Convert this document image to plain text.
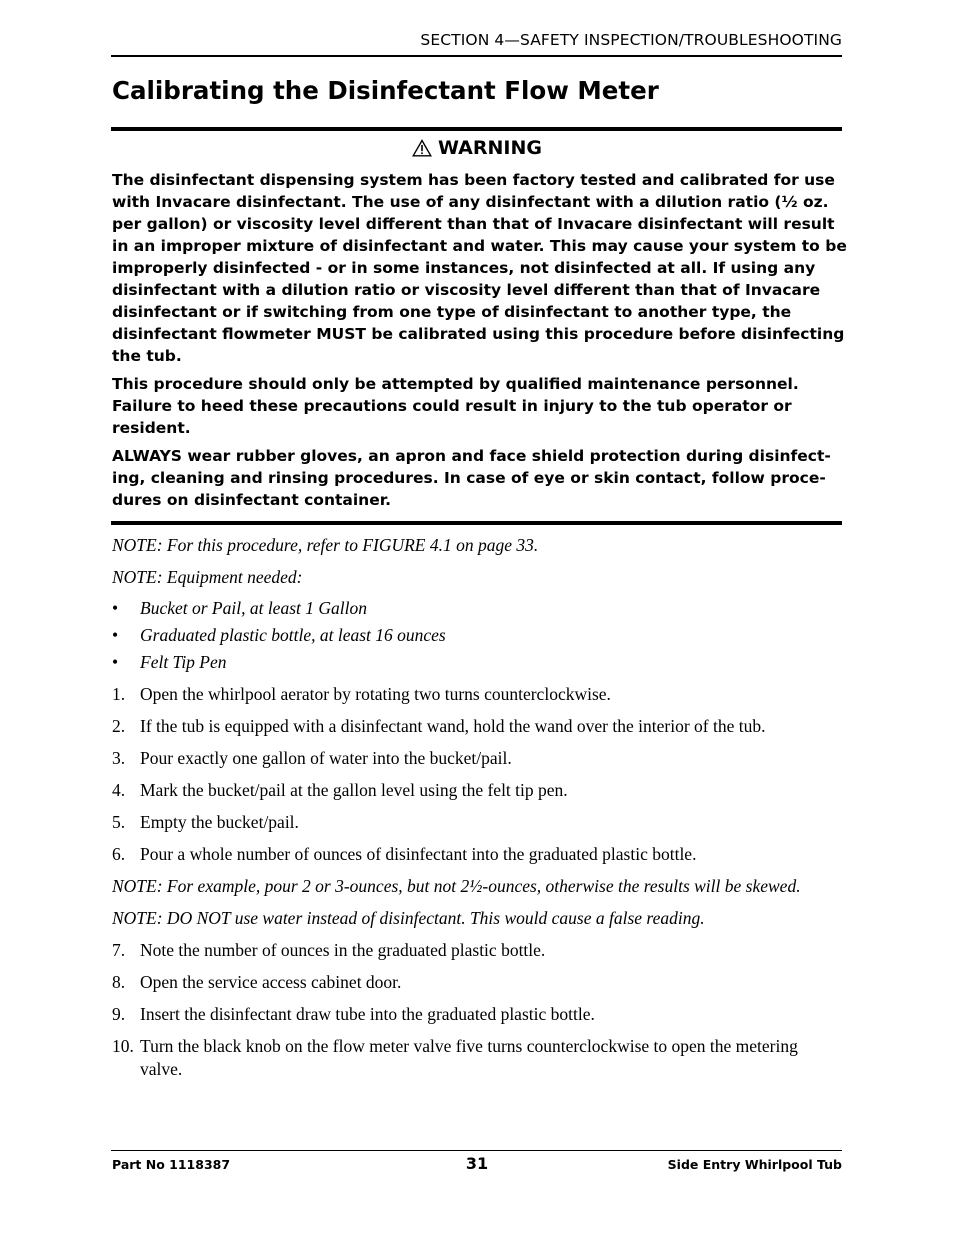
SECTION 4—SAFETY INSPECTION/TROUBLESHOOTING
Calibrating the Disinfectant Flow Meter
WARNING

The disinfectant dispensing system has been factory tested and calibrated for use with Invacare disinfectant. The use of any disinfectant with a dilution ratio (½ oz. per gallon) or viscosity level different than that of Invacare disinfectant will result in an improper mixture of disinfectant and water. This may cause your system to be improperly disinfected - or in some instances, not disinfected at all. If using any disinfectant with a dilution ratio or viscosity level different than that of Invacare disinfectant or if switching from one type of disinfectant to another type, the disinfectant flowmeter MUST be calibrated using this procedure before disinfecting the tub.

This procedure should only be attempted by qualified maintenance personnel. Failure to heed these precautions could result in injury to the tub operator or resident.

ALWAYS wear rubber gloves, an apron and face shield protection during disinfect-ing, cleaning and rinsing procedures. In case of eye or skin contact, follow proce-dures on disinfectant container.

NOTE: For this procedure, refer to FIGURE 4.1 on page 33.

NOTE: Equipment needed:

• Bucket or Pail, at least 1 Gallon
• Graduated plastic bottle, at least 16 ounces
• Felt Tip Pen
1. Open the whirlpool aerator by rotating two turns counterclockwise.
2. If the tub is equipped with a disinfectant wand, hold the wand over the interior of the tub.
3. Pour exactly one gallon of water into the bucket/pail.
4. Mark the bucket/pail at the gallon level using the felt tip pen.
5. Empty the bucket/pail.
6. Pour a whole number of ounces of disinfectant into the graduated plastic bottle.

NOTE: For example, pour 2 or 3-ounces, but not 2½-ounces, otherwise the results will be skewed.

NOTE: DO NOT use water instead of disinfectant. This would cause a false reading.

7. Note the number of ounces in the graduated plastic bottle.
8. Open the service access cabinet door.
9. Insert the disinfectant draw tube into the graduated plastic bottle.
10. Turn the black knob on the flow meter valve five turns counterclockwise to open the metering valve.
Part No 1118387	31	Side Entry Whirlpool Tub
